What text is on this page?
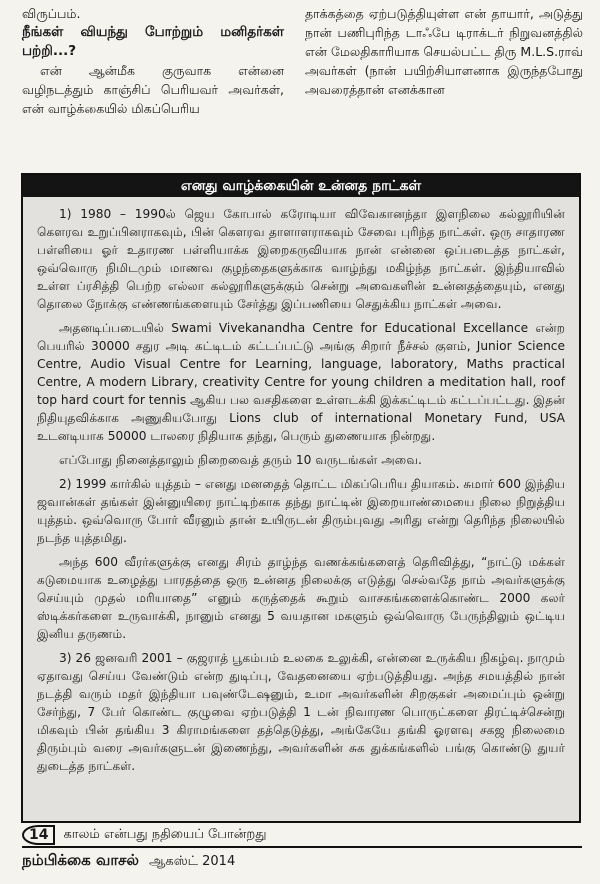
விருப்பம்.

நீங்கள் வியந்து போற்றும் மனிதர்கள் பற்றி...?

என் ஆன்மீக குருவாக என்னை வழிநடத்தும் காஞ்சிப் பெரியவர் அவர்கள், என் வாழ்க்கையில் மிகப்பெரிய

தாக்கத்தை ஏற்படுத்தியுள்ள என் தாயார், அடுத்து நான் பணிபுரிந்த டாஃபே டிராக்டர் நிறுவனத்தில் என் மேலதிகாரியாக செயல்பட்ட திரு M.L.S.ராவ் அவர்கள் (நான் பயிற்சியாளனாக இருந்தபோது அவரைத்தான் எனக்கான

எனது வாழ்க்கையின் உன்னத நாட்கள்

1) 1980 – 1990ல் ஜெய கோபால் கரோடியா விவேகானந்தா இளநிலை கல்லூரியின் கௌரவ உறுப்பினராகவும், பின் கௌரவ தாளாளராகவும் சேவை புரிந்த நாட்கள். ஒரு சாதாரண பள்ளியை ஓர் உதாரண பள்ளியாக்க இறைகருவியாக நான் என்னை ஒப்படைத்த நாட்கள், ஒவ்வொரு நிமிடமும் மாணவ குழந்தைகளுக்காக வாழ்ந்து மகிழ்ந்த நாட்கள். இந்தியாவில் உள்ள ப்ரசித்தி பெற்ற எல்லா கல்லூரிகளுக்கும் சென்று அவைகளின் உன்னதத்தையும், எனது தொலை நோக்கு எண்ணங்களையும் சேர்த்து இப்பணியை செதுக்கிய நாட்கள் அவை.

அதனடிப்படையில் Swami Vivekanandha Centre for Educational Excellance என்ற பெயரில் 30000 சதுர அடி கட்டிடம் கட்டப்பட்டு அங்கு சிறார் நீச்சல் குளம், Junior Science Centre, Audio Visual Centre for Learning, language, laboratory, Maths practical Centre, A modern Library, creativity Centre for young children a meditation hall, roof top hard court for tennis ஆகிய பல வசதிகளை உள்ளடக்கி இக்கட்டிடம் கட்டப்பட்டது. இதன் நிதியுதவிக்காக அணுகியபோது Lions club of international Monetary Fund, USA உடனடியாக 50000 டாலரை நிதியாக தந்து, பெரும் துணையாக நின்றது.

எப்போது நினைத்தாலும் நிறைவைத் தரும் 10 வருடங்கள் அவை.

2) 1999 கார்கில் யுத்தம் – எனது மனதைத் தொட்ட மிகப்பெரிய தியாகம். சுமார் 600 இந்திய ஜவான்கள் தங்கள் இன்னுயிரை நாட்டிற்காக தந்து நாட்டின் இறையாண்மையை நிலை நிறுத்திய யுத்தம். ஒவ்வொரு போர் வீரனும் தான் உயிருடன் திரும்புவது அரிது என்று தெரிந்த நிலையில் நடந்த யுத்தமிது.

அந்த 600 வீரர்களுக்கு எனது சிரம் தாழ்ந்த வணக்கங்களைத் தெரிவித்து, “நாட்டு மக்கள் கடுமையாக உழைத்து பாரதத்தை ஒரு உன்னத நிலைக்கு எடுத்து செல்வதே நாம் அவர்களுக்கு செய்யும் முதல் மரியாதை” எனும் கருத்தைக் கூறும் வாசகங்களைக்கொண்ட 2000 கலர் ஸ்டிக்கர்களை உருவாக்கி, நானும் எனது 5 வயதான மகளும் ஒவ்வொரு பேருந்திலும் ஒட்டிய இனிய தருணம்.

3) 26 ஜனவரி 2001 – குஜராத் பூகம்பம் உலகை உலுக்கி, என்னை உருக்கிய நிகழ்வு. நாமும் ஏதாவது செய்ய வேண்டும் என்ற துடிப்பு, வேதனையை ஏற்படுத்தியது. அந்த சமயத்தில் நான் நடத்தி வரும் மதர் இந்தியா பவுண்டேஷனும், உமா அவர்களின் சிறகுகள் அமைப்பும் ஒன்று சேர்ந்து, 7 பேர் கொண்ட குழுவை ஏற்படுத்தி 1 டன் நிவாரண பொருட்களை திரட்டிச்சென்று மிகவும் பின் தங்கிய 3 கிராமங்களை தத்தெடுத்து, அங்கேயே தங்கி ஓரளவு சகஜ நிலைமை திரும்பும் வரை அவர்களுடன் இணைந்து, அவர்களின் சுக துக்கங்களில் பங்கு கொண்டு துயர் துடைத்த நாட்கள்.

14	காலம் என்பது நதியைப் போன்றது
நம்பிக்கை வாசல் ஆகஸ்ட் 2014
